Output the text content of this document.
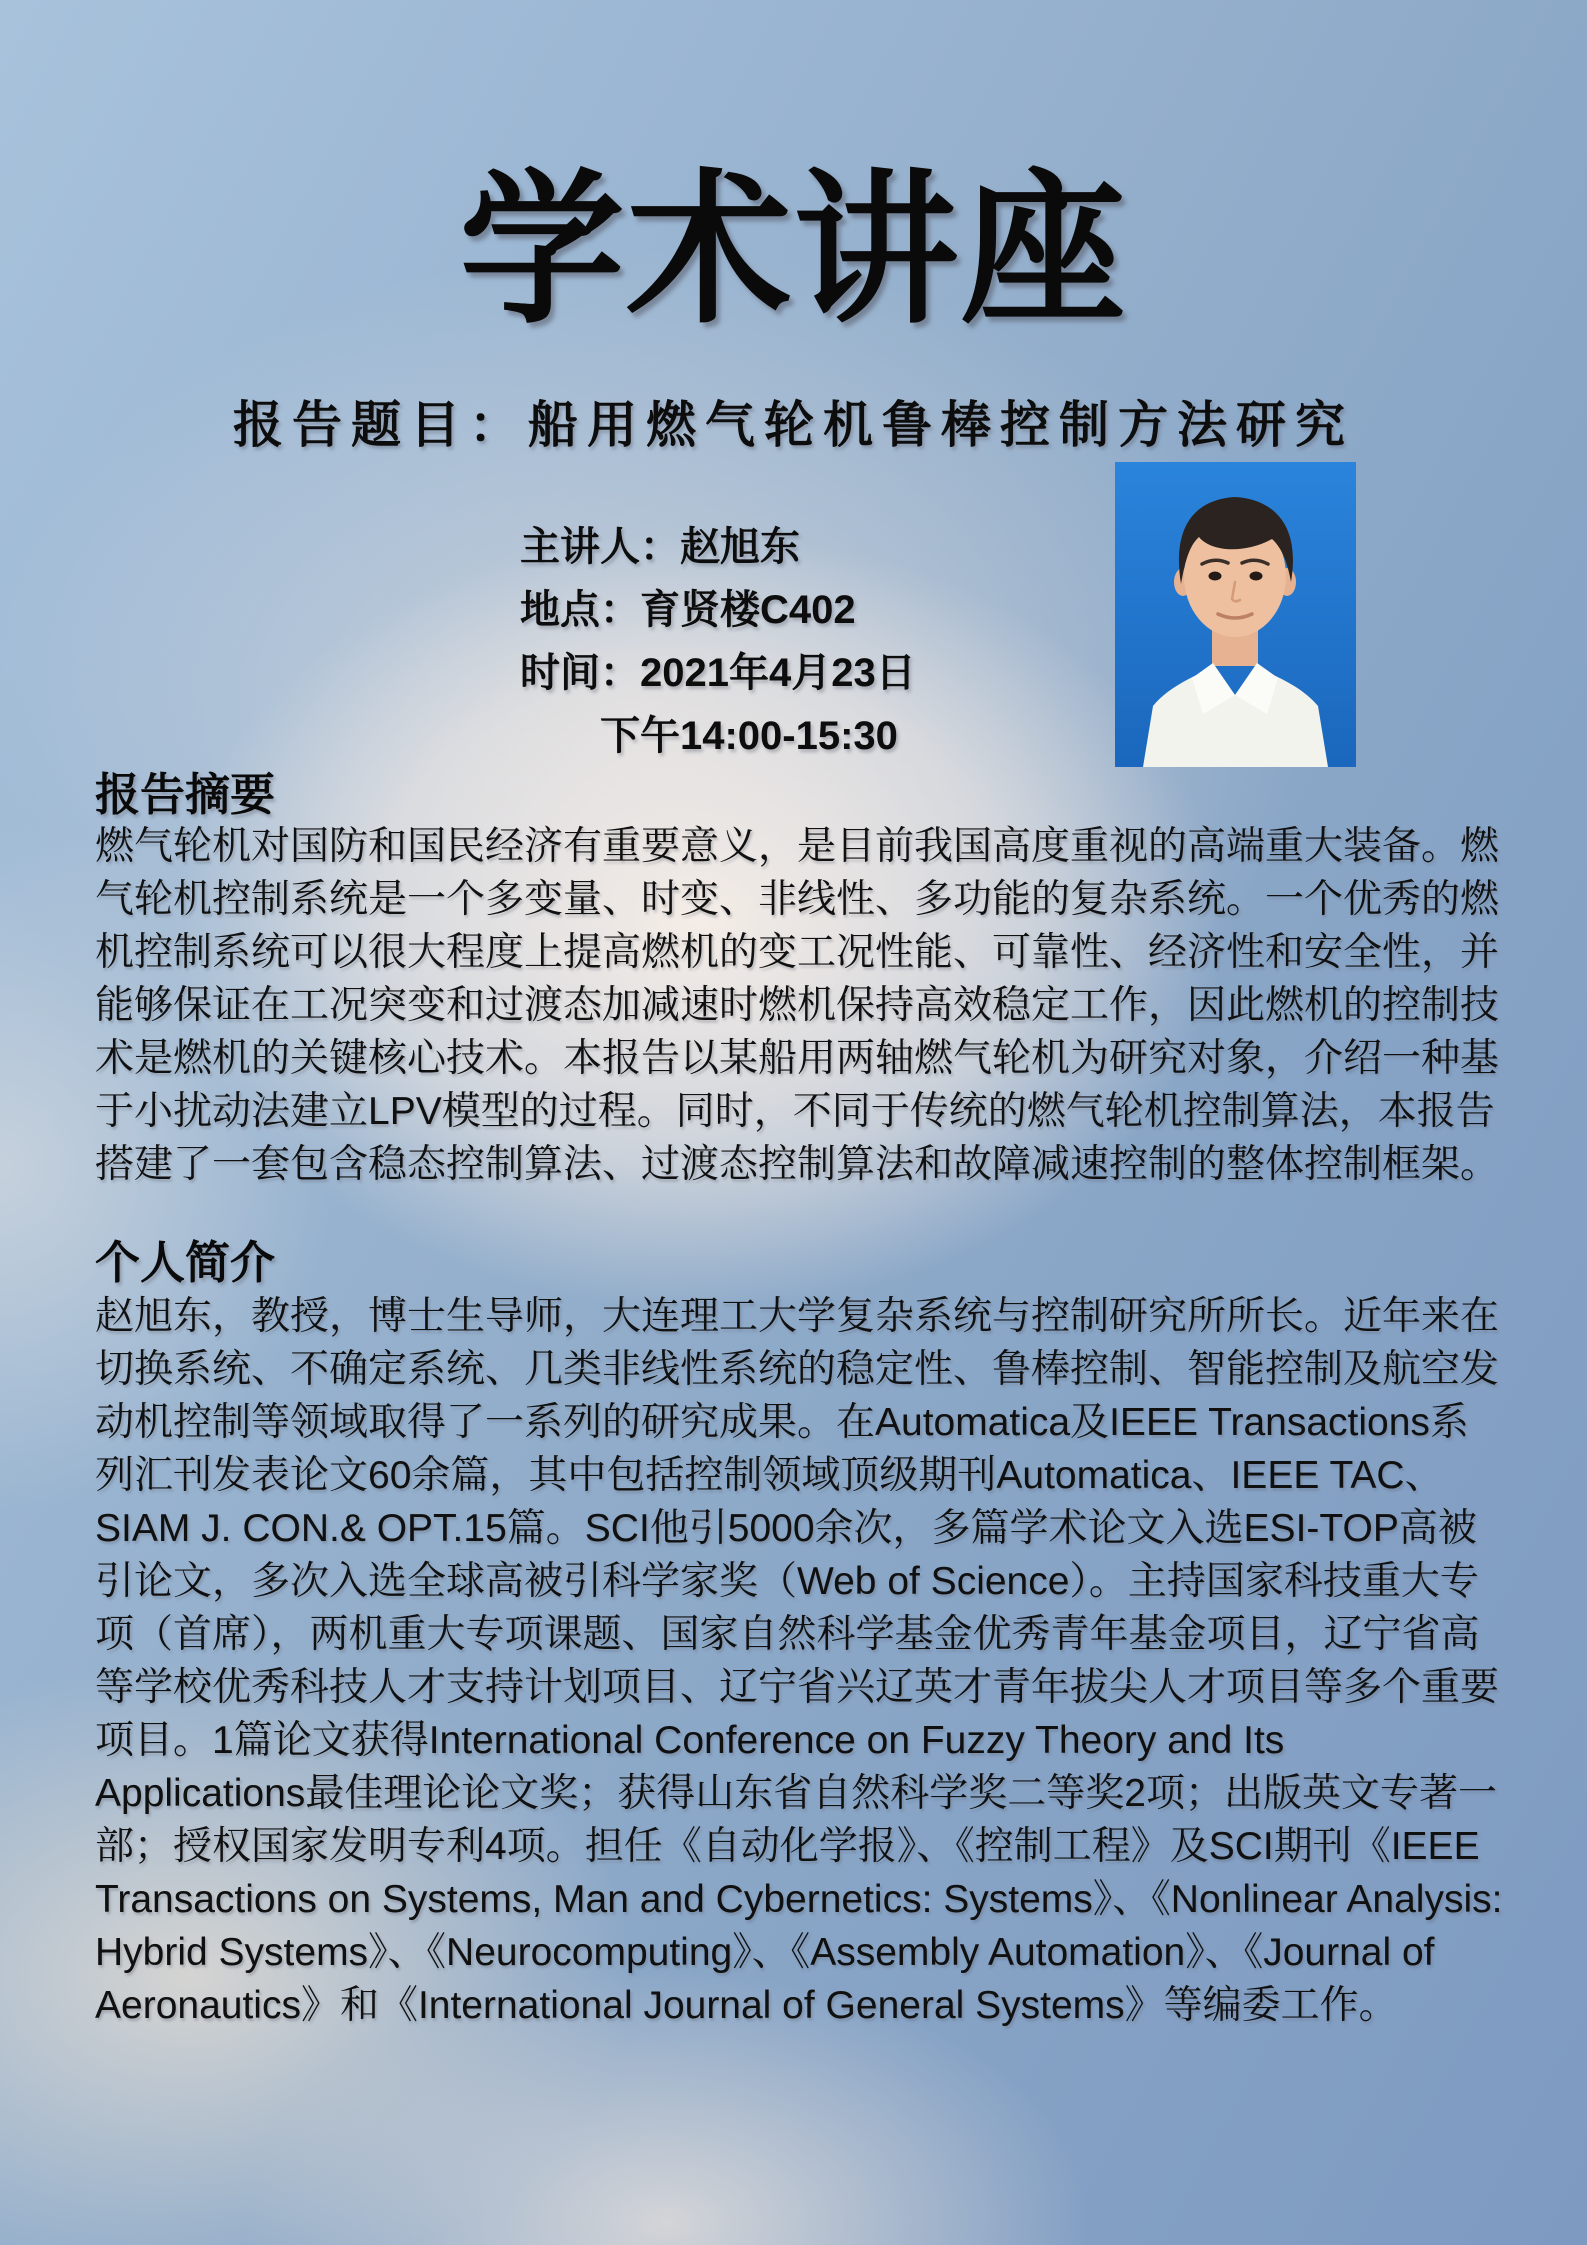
学术讲座
报告题目：船用燃气轮机鲁棒控制方法研究
主讲人：赵旭东
地点：育贤楼C402
时间：2021年4月23日
下午14:00-15:30
报告摘要
燃气轮机对国防和国民经济有重要意义，是目前我国高度重视的高端重大装备。燃气轮机控制系统是一个多变量、时变、非线性、多功能的复杂系统。一个优秀的燃机控制系统可以很大程度上提高燃机的变工况性能、可靠性、经济性和安全性，并能够保证在工况突变和过渡态加减速时燃机保持高效稳定工作，因此燃机的控制技术是燃机的关键核心技术。本报告以某船用两轴燃气轮机为研究对象，介绍一种基于小扰动法建立LPV模型的过程。同时，不同于传统的燃气轮机控制算法，本报告搭建了一套包含稳态控制算法、过渡态控制算法和故障减速控制的整体控制框架。
个人简介
赵旭东，教授，博士生导师，大连理工大学复杂系统与控制研究所所长。近年来在切换系统、不确定系统、几类非线性系统的稳定性、鲁棒控制、智能控制及航空发动机控制等领域取得了一系列的研究成果。在Automatica及IEEE Transactions系列汇刊发表论文60余篇，其中包括控制领域顶级期刊Automatica、IEEE TAC、SIAM J. CON.& OPT.15篇。SCI他引5000余次，多篇学术论文入选ESI-TOP高被引论文，多次入选全球高被引科学家奖（Web of Science）。主持国家科技重大专项（首席），两机重大专项课题、国家自然科学基金优秀青年基金项目，辽宁省高等学校优秀科技人才支持计划项目、辽宁省兴辽英才青年拔尖人才项目等多个重要项目。1篇论文获得International Conference on Fuzzy Theory and Its Applications最佳理论论文奖；获得山东省自然科学奖二等奖2项；出版英文专著一部；授权国家发明专利4项。担任《自动化学报》、《控制工程》及SCI期刊《IEEE Transactions on Systems, Man and Cybernetics: Systems》、《Nonlinear Analysis: Hybrid Systems》、《Neurocomputing》、《Assembly Automation》、《Journal of Aeronautics》和《International Journal of General Systems》等编委工作。
